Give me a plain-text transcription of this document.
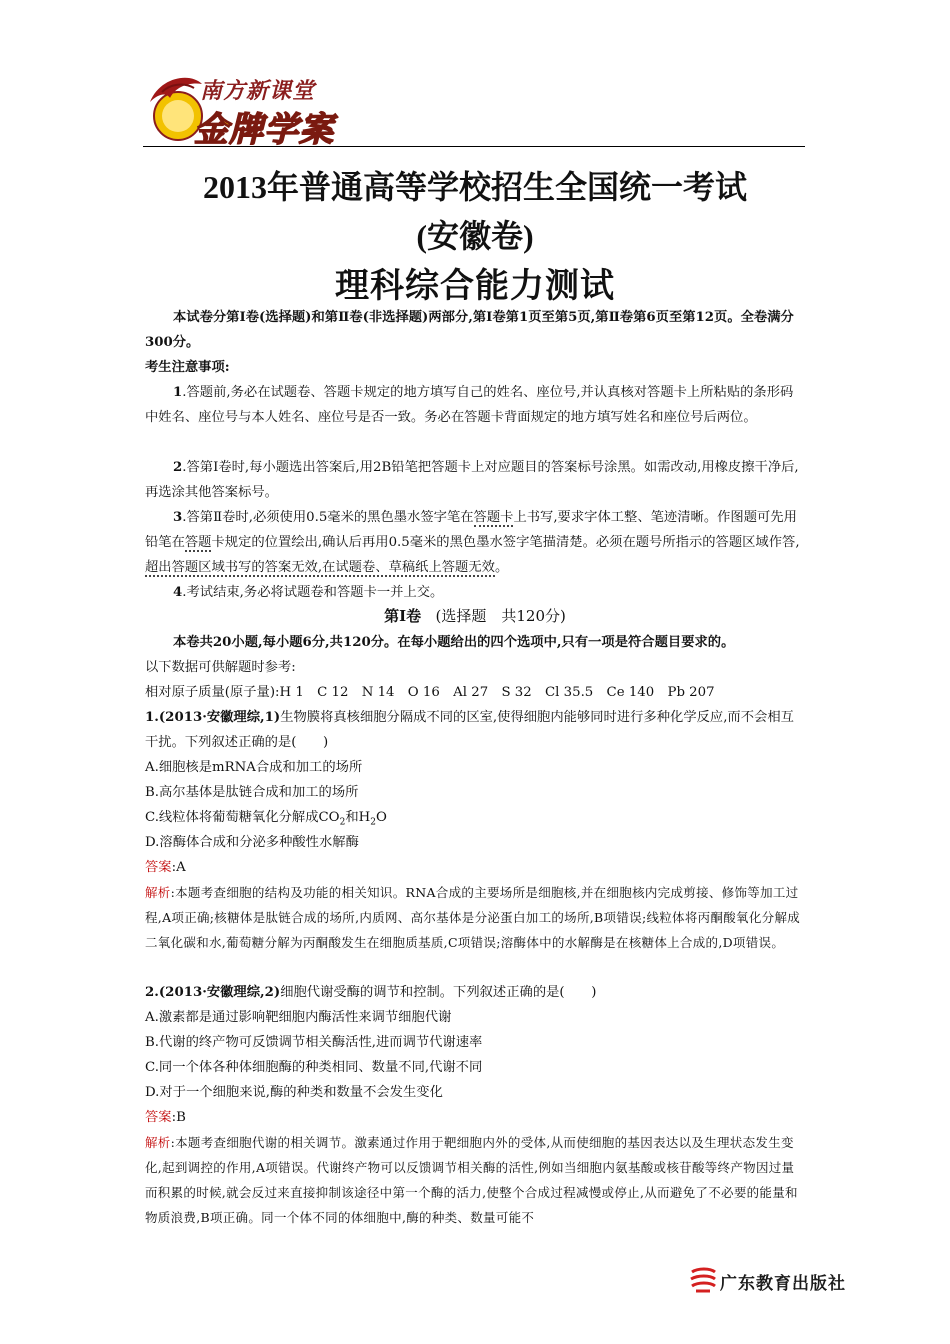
南方新课堂
金牌学案
2013年普通高等学校招生全国统一考试
(安徽卷)
理科综合能力测试
本试卷分第Ⅰ卷(选择题)和第Ⅱ卷(非选择题)两部分,第Ⅰ卷第1页至第5页,第Ⅱ卷第6页至第12页。全卷满分300分。
考生注意事项:
1.答题前,务必在试题卷、答题卡规定的地方填写自己的姓名、座位号,并认真核对答题卡上所粘贴的条形码中姓名、座位号与本人姓名、座位号是否一致。务必在答题卡背面规定的地方填写姓名和座位号后两位。
2.答第Ⅰ卷时,每小题选出答案后,用2B铅笔把答题卡上对应题目的答案标号涂黑。如需改动,用橡皮擦干净后,再选涂其他答案标号。
3.答第Ⅱ卷时,必须使用0.5毫米的黑色墨水签字笔在答题卡上书写,要求字体工整、笔迹清晰。作图题可先用铅笔在答题卡规定的位置绘出,确认后再用0.5毫米的黑色墨水签字笔描清楚。必须在题号所指示的答题区域作答,超出答题区域书写的答案无效,在试题卷、草稿纸上答题无效。
4.考试结束,务必将试题卷和答题卡一并上交。
第Ⅰ卷 (选择题　共120分)
本卷共20小题,每小题6分,共120分。在每小题给出的四个选项中,只有一项是符合题目要求的。
以下数据可供解题时参考:
相对原子质量(原子量):H 1　C 12　N 14　O 16　Al 27　S 32　Cl 35.5　Ce 140　Pb 207
1.(2013·安徽理综,1)生物膜将真核细胞分隔成不同的区室,使得细胞内能够同时进行多种化学反应,而不会相互干扰。下列叙述正确的是(　　)
A.细胞核是mRNA合成和加工的场所
B.高尔基体是肽链合成和加工的场所
C.线粒体将葡萄糖氧化分解成$CO_2$和$H_2O$
D.溶酶体合成和分泌多种酸性水解酶
答案:A
解析:本题考查细胞的结构及功能的相关知识。RNA合成的主要场所是细胞核,并在细胞核内完成剪接、修饰等加工过程,A项正确;核糖体是肽链合成的场所,内质网、高尔基体是分泌蛋白加工的场所,B项错误;线粒体将丙酮酸氧化分解成二氧化碳和水,葡萄糖分解为丙酮酸发生在细胞质基质,C项错误;溶酶体中的水解酶是在核糖体上合成的,D项错误。
2.(2013·安徽理综,2)细胞代谢受酶的调节和控制。下列叙述正确的是(　　)
A.激素都是通过影响靶细胞内酶活性来调节细胞代谢
B.代谢的终产物可反馈调节相关酶活性,进而调节代谢速率
C.同一个体各种体细胞酶的种类相同、数量不同,代谢不同
D.对于一个细胞来说,酶的种类和数量不会发生变化
答案:B
解析:本题考查细胞代谢的相关调节。激素通过作用于靶细胞内外的受体,从而使细胞的基因表达以及生理状态发生变化,起到调控的作用,A项错误。代谢终产物可以反馈调节相关酶的活性,例如当细胞内氨基酸或核苷酸等终产物因过量而积累的时候,就会反过来直接抑制该途径中第一个酶的活力,使整个合成过程减慢或停止,从而避免了不必要的能量和物质浪费,B项正确。同一个体不同的体细胞中,酶的种类、数量可能不
广东教育出版社
